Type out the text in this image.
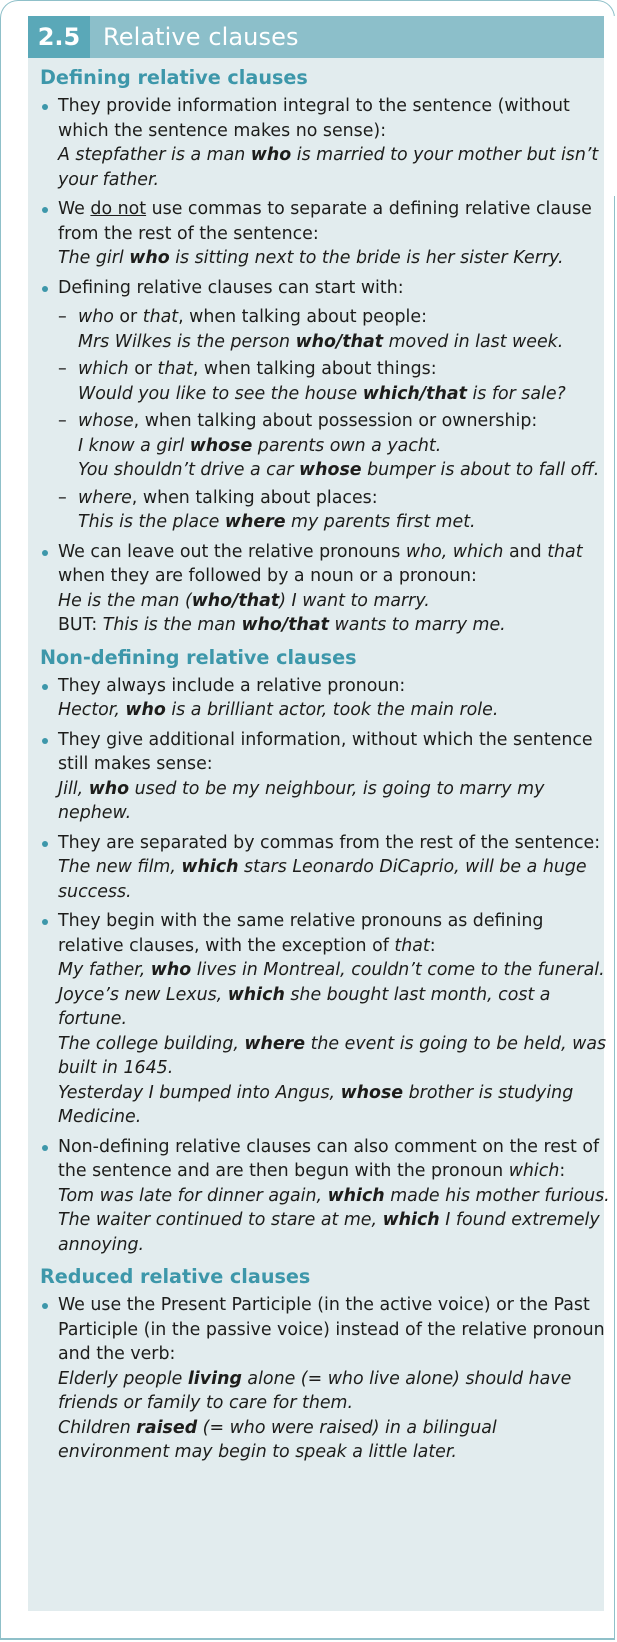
2.5 Relative clauses
Defining relative clauses
They provide information integral to the sentence (without which the sentence makes no sense):
A stepfather is a man who is married to your mother but isn’t your father.
We do not use commas to separate a defining relative clause from the rest of the sentence:
The girl who is sitting next to the bride is her sister Kerry.
Defining relative clauses can start with:
– who or that, when talking about people:
Mrs Wilkes is the person who/that moved in last week.
– which or that, when talking about things:
Would you like to see the house which/that is for sale?
– whose, when talking about possession or ownership:
I know a girl whose parents own a yacht.
You shouldn’t drive a car whose bumper is about to fall off.
– where, when talking about places:
This is the place where my parents first met.
We can leave out the relative pronouns who, which and that when they are followed by a noun or a pronoun:
He is the man (who/that) I want to marry.
BUT: This is the man who/that wants to marry me.
Non-defining relative clauses
They always include a relative pronoun:
Hector, who is a brilliant actor, took the main role.
They give additional information, without which the sentence still makes sense:
Jill, who used to be my neighbour, is going to marry my nephew.
They are separated by commas from the rest of the sentence:
The new film, which stars Leonardo DiCaprio, will be a huge success.
They begin with the same relative pronouns as defining relative clauses, with the exception of that:
My father, who lives in Montreal, couldn’t come to the funeral.
Joyce’s new Lexus, which she bought last month, cost a fortune.
The college building, where the event is going to be held, was built in 1645.
Yesterday I bumped into Angus, whose brother is studying Medicine.
Non-defining relative clauses can also comment on the rest of the sentence and are then begun with the pronoun which:
Tom was late for dinner again, which made his mother furious.
The waiter continued to stare at me, which I found extremely annoying.
Reduced relative clauses
We use the Present Participle (in the active voice) or the Past Participle (in the passive voice) instead of the relative pronoun and the verb:
Elderly people living alone (= who live alone) should have friends or family to care for them.
Children raised (= who were raised) in a bilingual environment may begin to speak a little later.
